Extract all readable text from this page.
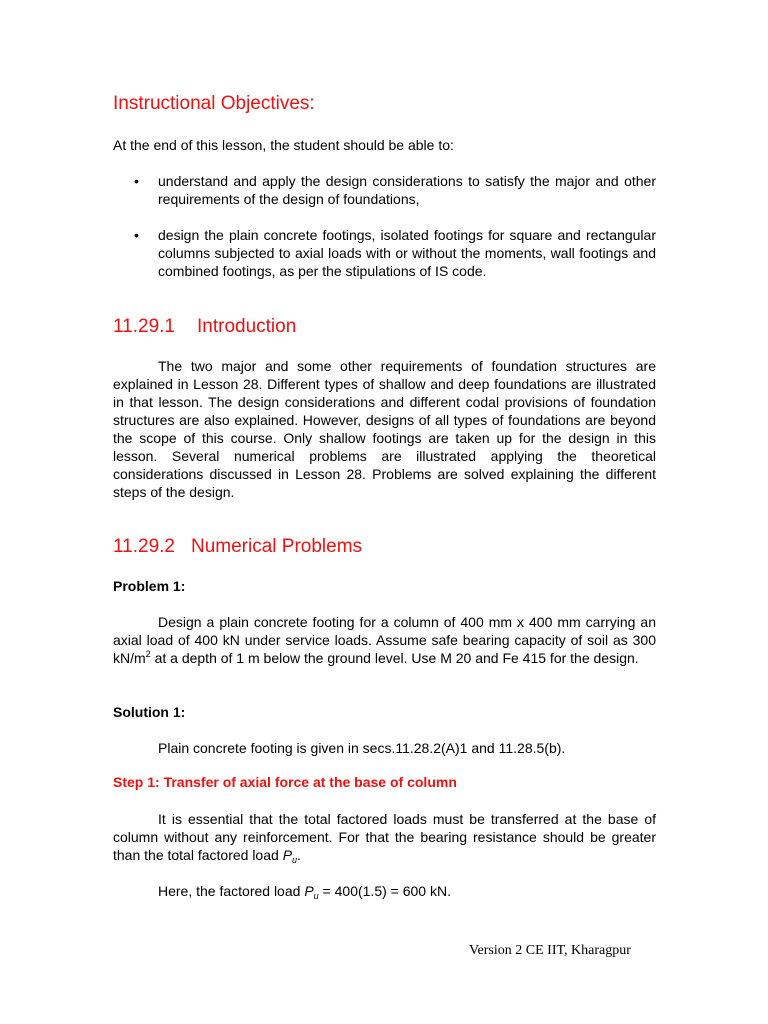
Instructional Objectives:

At the end of this lesson, the student should be able to:

• understand and apply the design considerations to satisfy the major and other requirements of the design of foundations,

• design the plain concrete footings, isolated footings for square and rectangular columns subjected to axial loads with or without the moments, wall footings and combined footings, as per the stipulations of IS code.

11.29.1 Introduction

The two major and some other requirements of foundation structures are explained in Lesson 28. Different types of shallow and deep foundations are illustrated in that lesson. The design considerations and different codal provisions of foundation structures are also explained. However, designs of all types of foundations are beyond the scope of this course. Only shallow footings are taken up for the design in this lesson. Several numerical problems are illustrated applying the theoretical considerations discussed in Lesson 28. Problems are solved explaining the different steps of the design.

11.29.2 Numerical Problems

Problem 1:

Design a plain concrete footing for a column of 400 mm x 400 mm carrying an axial load of 400 kN under service loads. Assume safe bearing capacity of soil as 300 $kN/m^2$ at a depth of 1 m below the ground level. Use M 20 and Fe 415 for the design.

Solution 1:

Plain concrete footing is given in secs.11.28.2(A)1 and 11.28.5(b).

Step 1: Transfer of axial force at the base of column

It is essential that the total factored loads must be transferred at the base of column without any reinforcement. For that the bearing resistance should be greater than the total factored load $P_u$.

Here, the factored load $P_u = 400(1.5) = 600$ kN.

Version 2 CE IIT, Kharagpur
